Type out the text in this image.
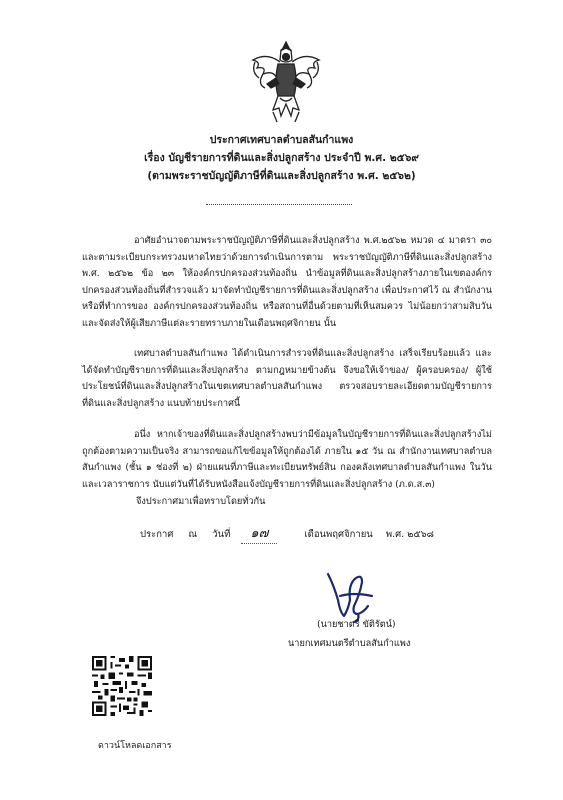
ประกาศเทศบาลตำบลสันกำแพง
เรื่อง บัญชีรายการที่ดินและสิ่งปลูกสร้าง ประจำปี พ.ศ. ๒๕๖๙
(ตามพระราชบัญญัติภาษีที่ดินและสิ่งปลูกสร้าง พ.ศ. ๒๕๖๒)
อาศัยอำนาจตามพระราชบัญญัติภาษีที่ดินและสิ่งปลูกสร้าง พ.ศ.๒๕๖๒ หมวด ๔ มาตรา ๓๐ และตามระเบียบกระทรวงมหาดไทยว่าด้วยการดำเนินการตาม พระราชบัญญัติภาษีที่ดินและสิ่งปลูกสร้าง พ.ศ. ๒๕๖๒ ข้อ ๒๓ ให้องค์กรปกครองส่วนท้องถิ่น นำข้อมูลที่ดินและสิ่งปลูกสร้างภายในเขตองค์กรปกครองส่วนท้องถิ่นที่สำรวจแล้ว มาจัดทำบัญชีรายการที่ดินและสิ่งปลูกสร้าง เพื่อประกาศไว้ ณ สำนักงานหรือที่ทำการของ องค์กรปกครองส่วนท้องถิ่น หรือสถานที่อื่นด้วยตามที่เห็นสมควร ไม่น้อยกว่าสามสิบวัน และจัดส่งให้ผู้เสียภาษีแต่ละรายทราบภายในเดือนพฤศจิกายน นั้น
เทศบาลตำบลสันกำแพง ได้ดำเนินการสำรวจที่ดินและสิ่งปลูกสร้าง เสร็จเรียบร้อยแล้ว และได้จัดทำบัญชีรายการที่ดินและสิ่งปลูกสร้าง ตามกฎหมายข้างต้น จึงขอให้เจ้าของ/ ผู้ครอบครอง/ ผู้ใช้ประโยชน์ที่ดินและสิ่งปลูกสร้างในเขตเทศบาลตำบลสันกำแพง ตรวจสอบรายละเอียดตามบัญชีรายการที่ดินและสิ่งปลูกสร้าง แนบท้ายประกาศนี้
อนึ่ง หากเจ้าของที่ดินและสิ่งปลูกสร้างพบว่ามีข้อมูลในบัญชีรายการที่ดินและสิ่งปลูกสร้างไม่ถูกต้องตามความเป็นจริง สามารถขอแก้ไขข้อมูลให้ถูกต้องได้ ภายใน ๑๕ วัน ณ สำนักงานเทศบาลตำบลสันกำแพง (ชั้น ๑ ช่องที่ ๒) ฝ่ายแผนที่ภาษีและทะเบียนทรัพย์สิน กองคลังเทศบาลตำบลสันกำแพง ในวันและเวลาราชการ นับแต่วันที่ได้รับหนังสือแจ้งบัญชีรายการที่ดินและสิ่งปลูกสร้าง (ภ.ด.ส.๓)
จึงประกาศมาเพื่อทราบโดยทั่วกัน
ประกาศ ณ วันที่ ๑๗	เดือนพฤศจิกายน พ.ศ. ๒๕๖๘
(นายชาตรี ขัติรัตน์)
นายกเทศมนตรีตำบลสันกำแพง
ดาวน์โหลดเอกสาร
